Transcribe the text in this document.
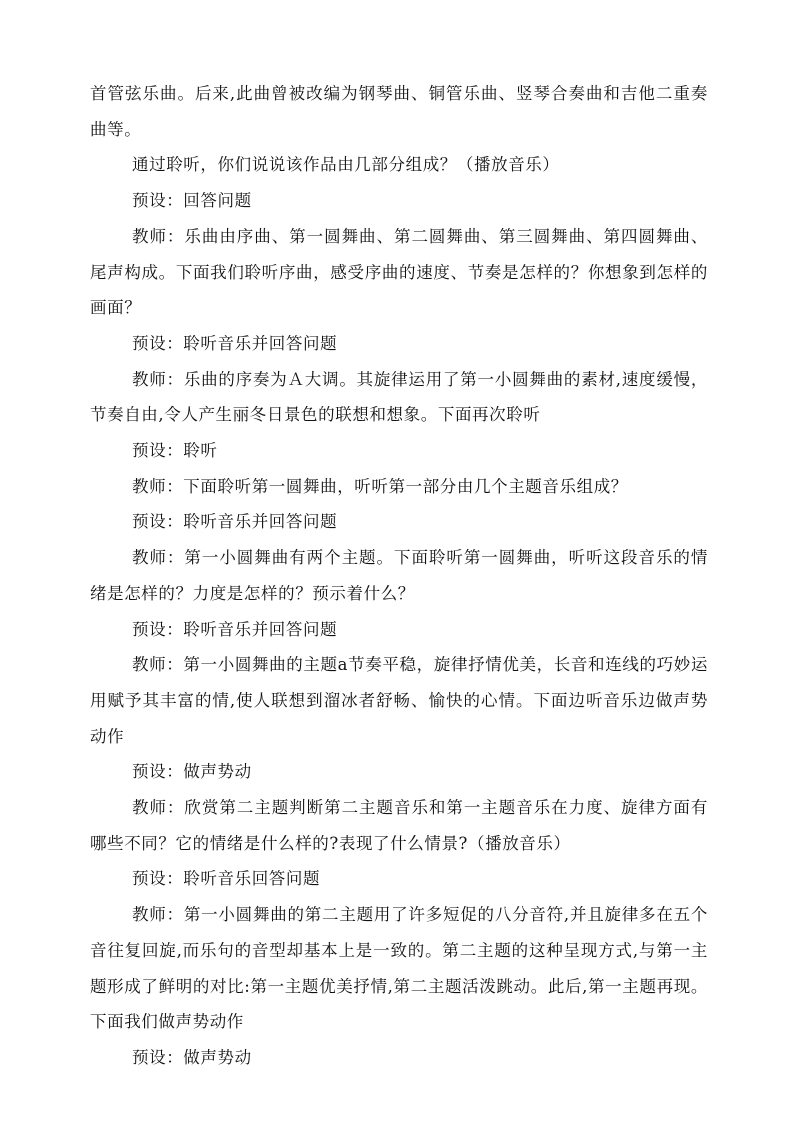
首管弦乐曲。后来,此曲曾被改编为钢琴曲、铜管乐曲、竖琴合奏曲和吉他二重奏曲等。

通过聆听，你们说说该作品由几部分组成？（播放音乐）

预设：回答问题

教师：乐曲由序曲、第一圆舞曲、第二圆舞曲、第三圆舞曲、第四圆舞曲、尾声构成。下面我们聆听序曲，感受序曲的速度、节奏是怎样的？你想象到怎样的画面？

预设：聆听音乐并回答问题

教师：乐曲的序奏为Ａ大调。其旋律运用了第一小圆舞曲的素材,速度缓慢，节奏自由,令人产生丽冬日景色的联想和想象。下面再次聆听

预设：聆听

教师：下面聆听第一圆舞曲，听听第一部分由几个主题音乐组成？

预设：聆听音乐并回答问题

教师：第一小圆舞曲有两个主题。下面聆听第一圆舞曲，听听这段音乐的情绪是怎样的？力度是怎样的？预示着什么？

预设：聆听音乐并回答问题

教师：第一小圆舞曲的主题a节奏平稳，旋律抒情优美，长音和连线的巧妙运用赋予其丰富的情,使人联想到溜冰者舒畅、愉快的心情。下面边听音乐边做声势动作

预设：做声势动

教师：欣赏第二主题判断第二主题音乐和第一主题音乐在力度、旋律方面有哪些不同？它的情绪是什么样的?表现了什么情景?（播放音乐）

预设：聆听音乐回答问题

教师：第一小圆舞曲的第二主题用了许多短促的八分音符,并且旋律多在五个音往复回旋,而乐句的音型却基本上是一致的。第二主题的这种呈现方式,与第一主题形成了鲜明的对比:第一主题优美抒情,第二主题活泼跳动。此后,第一主题再现。下面我们做声势动作

预设：做声势动
